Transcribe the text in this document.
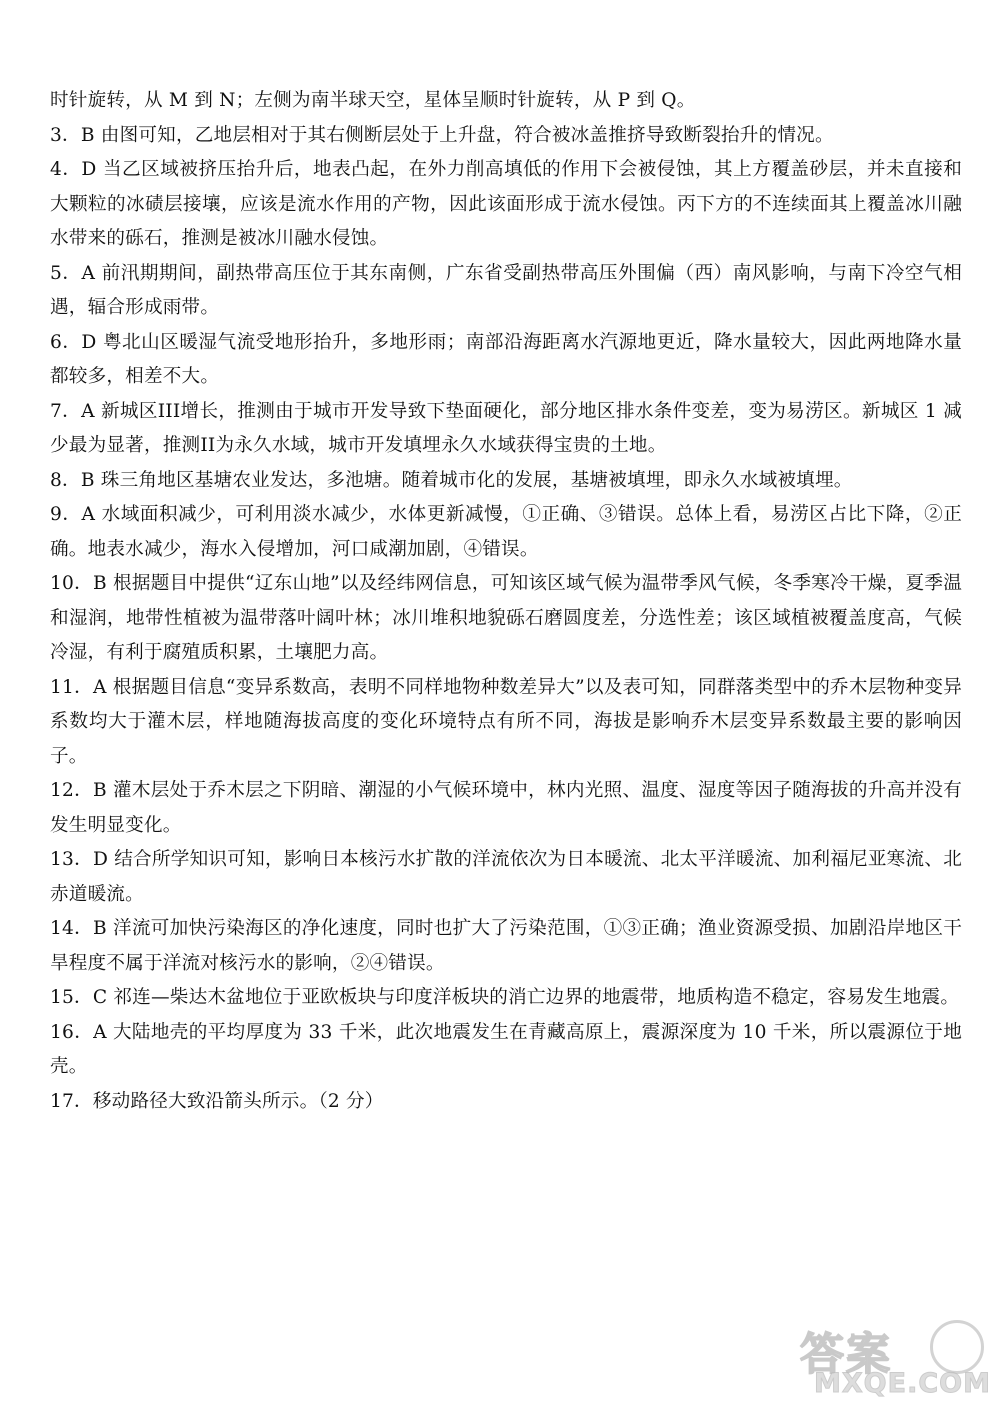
时针旋转，从 M 到 N；左侧为南半球天空，星体呈顺时针旋转，从 P 到 Q。

3．B 由图可知，乙地层相对于其右侧断层处于上升盘，符合被冰盖推挤导致断裂抬升的情况。

4．D 当乙区域被挤压抬升后，地表凸起，在外力削高填低的作用下会被侵蚀，其上方覆盖砂层，并未直接和大颗粒的冰碛层接壤，应该是流水作用的产物，因此该面形成于流水侵蚀。丙下方的不连续面其上覆盖冰川融水带来的砾石，推测是被冰川融水侵蚀。

5．A 前汛期期间，副热带高压位于其东南侧，广东省受副热带高压外围偏（西）南风影响，与南下冷空气相遇，辐合形成雨带。

6．D 粤北山区暖湿气流受地形抬升，多地形雨；南部沿海距离水汽源地更近，降水量较大，因此两地降水量都较多，相差不大。

7．A 新城区III增长，推测由于城市开发导致下垫面硬化，部分地区排水条件变差，变为易涝区。新城区 1 减少最为显著，推测II为永久水域，城市开发填埋永久水域获得宝贵的土地。

8．B 珠三角地区基塘农业发达，多池塘。随着城市化的发展，基塘被填埋，即永久水域被填埋。

9．A 水域面积减少，可利用淡水减少，水体更新减慢，①正确、③错误。总体上看，易涝区占比下降，②正确。地表水减少，海水入侵增加，河口咸潮加剧，④错误。

10．B 根据题目中提供“辽东山地”以及经纬网信息，可知该区域气候为温带季风气候，冬季寒冷干燥，夏季温和湿润，地带性植被为温带落叶阔叶林；冰川堆积地貌砾石磨圆度差，分选性差；该区域植被覆盖度高，气候冷湿，有利于腐殖质积累，土壤肥力高。

11．A 根据题目信息“变异系数高，表明不同样地物种数差异大”以及表可知，同群落类型中的乔木层物种变异系数均大于灌木层，样地随海拔高度的变化环境特点有所不同，海拔是影响乔木层变异系数最主要的影响因子。

12．B 灌木层处于乔木层之下阴暗、潮湿的小气候环境中，林内光照、温度、湿度等因子随海拔的升高并没有发生明显变化。

13．D 结合所学知识可知，影响日本核污水扩散的洋流依次为日本暖流、北太平洋暖流、加利福尼亚寒流、北赤道暖流。

14．B 洋流可加快污染海区的净化速度，同时也扩大了污染范围，①③正确；渔业资源受损、加剧沿岸地区干旱程度不属于洋流对核污水的影响，②④错误。

15．C 祁连—柴达木盆地位于亚欧板块与印度洋板块的消亡边界的地震带，地质构造不稳定，容易发生地震。

16．A 大陆地壳的平均厚度为 33 千米，此次地震发生在青藏高原上，震源深度为 10 千米，所以震源位于地壳。

17．移动路径大致沿箭头所示。（2 分）

答案
MXQE.COM
